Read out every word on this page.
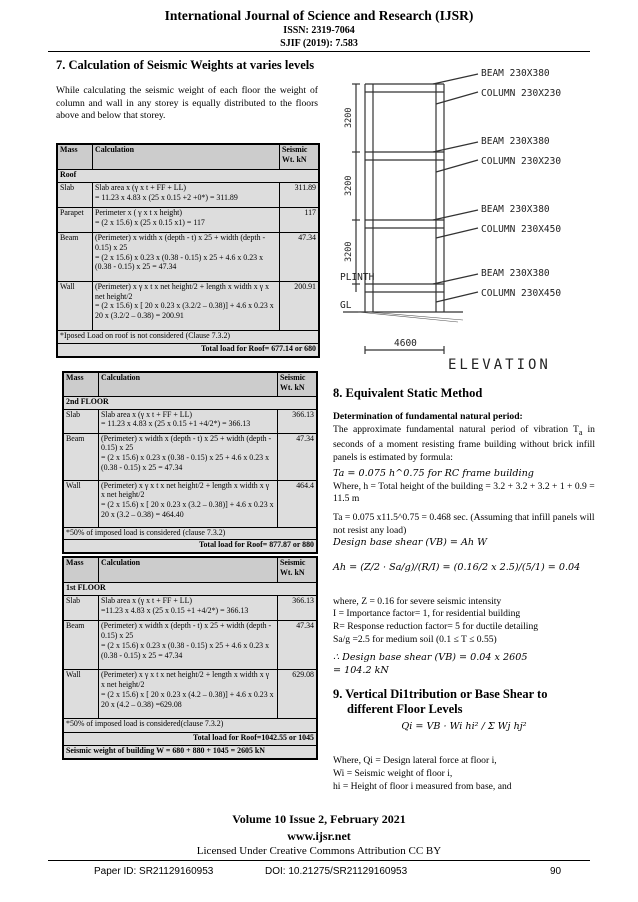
International Journal of Science and Research (IJSR)
ISSN: 2319-7064
SJIF (2019): 7.583
7. Calculation of Seismic Weights at varies levels
While calculating the seismic weight of each floor the weight of column and wall in any storey is equally distributed to the floors above and below that storey.
Mass	Calculation	Seismic Wt. kN
Roof		
Slab	Slab area x (γ x t + FF + LL)
= 11.23 x 4.83 x (25 x 0.15 +2 +0*) = 311.89	311.89
Parapet	Perimeter x ( γ x t x height)
= (2 x 15.6) x (25 x 0.15 x1) = 117	117
Beam	(Perimeter) x width x (depth - t) x 25 + width (depth - 0.15) x 25
= (2 x 15.6) x 0.23 x (0.38 - 0.15) x 25 + 4.6 x 0.23 x (0.38 - 0.15) x 25 = 47.34	47.34
Wall	(Perimeter) x γ x t x net height/2 + length x width x γ x net height/2
= (2 x 15.6) x [ 20 x 0.23 x (3.2/2 – 0.38)] + 4.6 x 0.23 x 20 x (3.2/2 – 0.38) = 200.91	200.91
*Iposed Load on roof is not considered (Clause 7.3.2)		
Total load for Roof= 677.14 or 680		
Mass	Calculation	Seismic Wt. kN
2nd FLOOR		
Slab	Slab area x (γ x t + FF + LL)
= 11.23 x 4.83 x (25 x 0.15 +1 +4/2*) = 366.13	366.13
Beam	(Perimeter) x width x (depth - t) x 25 + width (depth - 0.15) x 25
= (2 x 15.6) x 0.23 x (0.38 - 0.15) x 25 + 4.6 x 0.23 x (0.38 - 0.15) x 25 = 47.34	47.34
Wall	(Perimeter) x γ x t x net height/2 + length x width x γ x net height/2
= (2 x 15.6) x [ 20 x 0.23 x (3.2 – 0.38)] + 4.6 x 0.23 x 20 x (3.2 – 0.38) = 464.40	464.4
*50% of imposed load is considered (clause 7.3.2)		
Total load for Roof= 877.87 or 880		
Mass	Calculation	Seismic Wt. kN
1st FLOOR		
Slab	Slab area x (γ x t + FF + LL)
=11.23 x 4.83 x (25 x 0.15 +1 +4/2*) = 366.13	366.13
Beam	(Perimeter) x width x (depth - t) x 25 + width (depth - 0.15) x 25
= (2 x 15.6) x 0.23 x (0.38 - 0.15) x 25 + 4.6 x 0.23 x (0.38 - 0.15) x 25 = 47.34	47.34
Wall	(Perimeter) x γ x t x net height/2 + length x width x γ x net height/2
= (2 x 15.6) x [ 20 x 0.23 x (4.2 – 0.38)] + 4.6 x 0.23 x 20 x (4.2 – 0.38) =629.08	629.08
*50% of imposed load is considered(clause 7.3.2)		
Total load for Roof=1042.55 or 1045		
Seismic weight of building W = 680 + 880 + 1045 = 2605 kN		
BEAM 230X380
COLUMN 230X230
BEAM 230X380
COLUMN 230X230
BEAM 230X380
COLUMN 230X450
BEAM 230X380
COLUMN 230X450
PLINTH
GL
4600
3200
3200
3200
ELEVATION
8. Equivalent Static Method
Determination of fundamental natural period:
The approximate fundamental natural period of vibration $T_a$ in seconds of a moment resisting frame building without brick infill panels is estimated by formula:
Ta = 0.075 h^0.75 for RC frame building
Where, h = Total height of the building = 3.2 + 3.2 + 3.2 + 1 + 0.9 = 11.5 m
Ta = 0.075 x11.5^0.75 = 0.468 sec. (Assuming that infill panels will not resist any load)
Design base shear (VB) = Ah W
Ah = (Z/2 · Sa/g)/(R/I) = (0.16/2 x 2.5)/(5/1) = 0.04
where, Z = 0.16 for severe seismic intensity
I = Importance factor= 1, for residential building
R= Response reduction factor= 5 for ductile detailing
Sa/g =2.5 for medium soil (0.1 ≤ T ≤ 0.55)
∴ Design base shear (VB) = 0.04 x 2605
= 104.2 kN
9. Vertical Di1tribution or Base Shear to different Floor Levels
Qi = VB · Wi hi² / Σ Wj hj²
Where, Qi = Design lateral force at floor i,
Wi = Seismic weight of floor i,
hi = Height of floor i measured from base, and
Volume 10 Issue 2, February 2021
www.ijsr.net
Licensed Under Creative Commons Attribution CC BY
Paper ID: SR21129160953	DOI: 10.21275/SR21129160953	90
